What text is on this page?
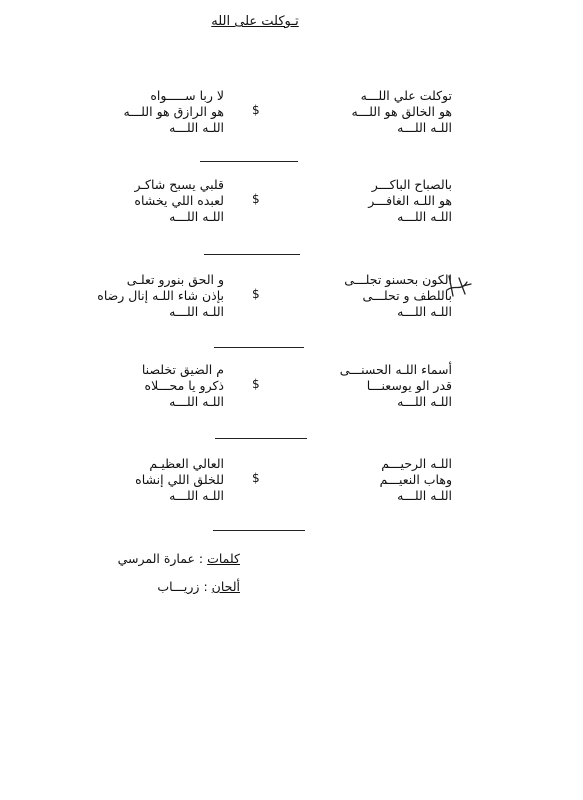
تـوكلت على الله
توكلت علي اللـــه
هو الخالق هو اللـــه
اللـه اللـــه
$
لا ربا ســـــواه
هو الرازق هو اللـــه
اللـه اللـــه
بالصباح الباكـــر
هو اللـه الغافـــر
اللـه اللـــه
$
قلبي يسبح شاكـر
لعبده اللي يخشاه
اللـه اللـــه
الكون بحسنو تجلـــى
باللطف و تحلـــى
اللـه اللـــه
$
و الحق بنورو تعلـى
بإذن شاء اللـه إنال رضاه
اللـه اللـــه
أسماء اللـه الحسنـــى
قدر الو يوسعنـــا
اللـه اللـــه
$
م الضيق تخلصنا
ذكرو يا محـــلاه
اللـه اللـــه
اللـه الرحيـــم
وهاب النعيـــم
اللـه اللـــه
$
العالي العظيـم
للخلق اللي إنشاه
اللـه اللـــه
كلمات : عمارة المرسي
ألحان : زريـــاب
